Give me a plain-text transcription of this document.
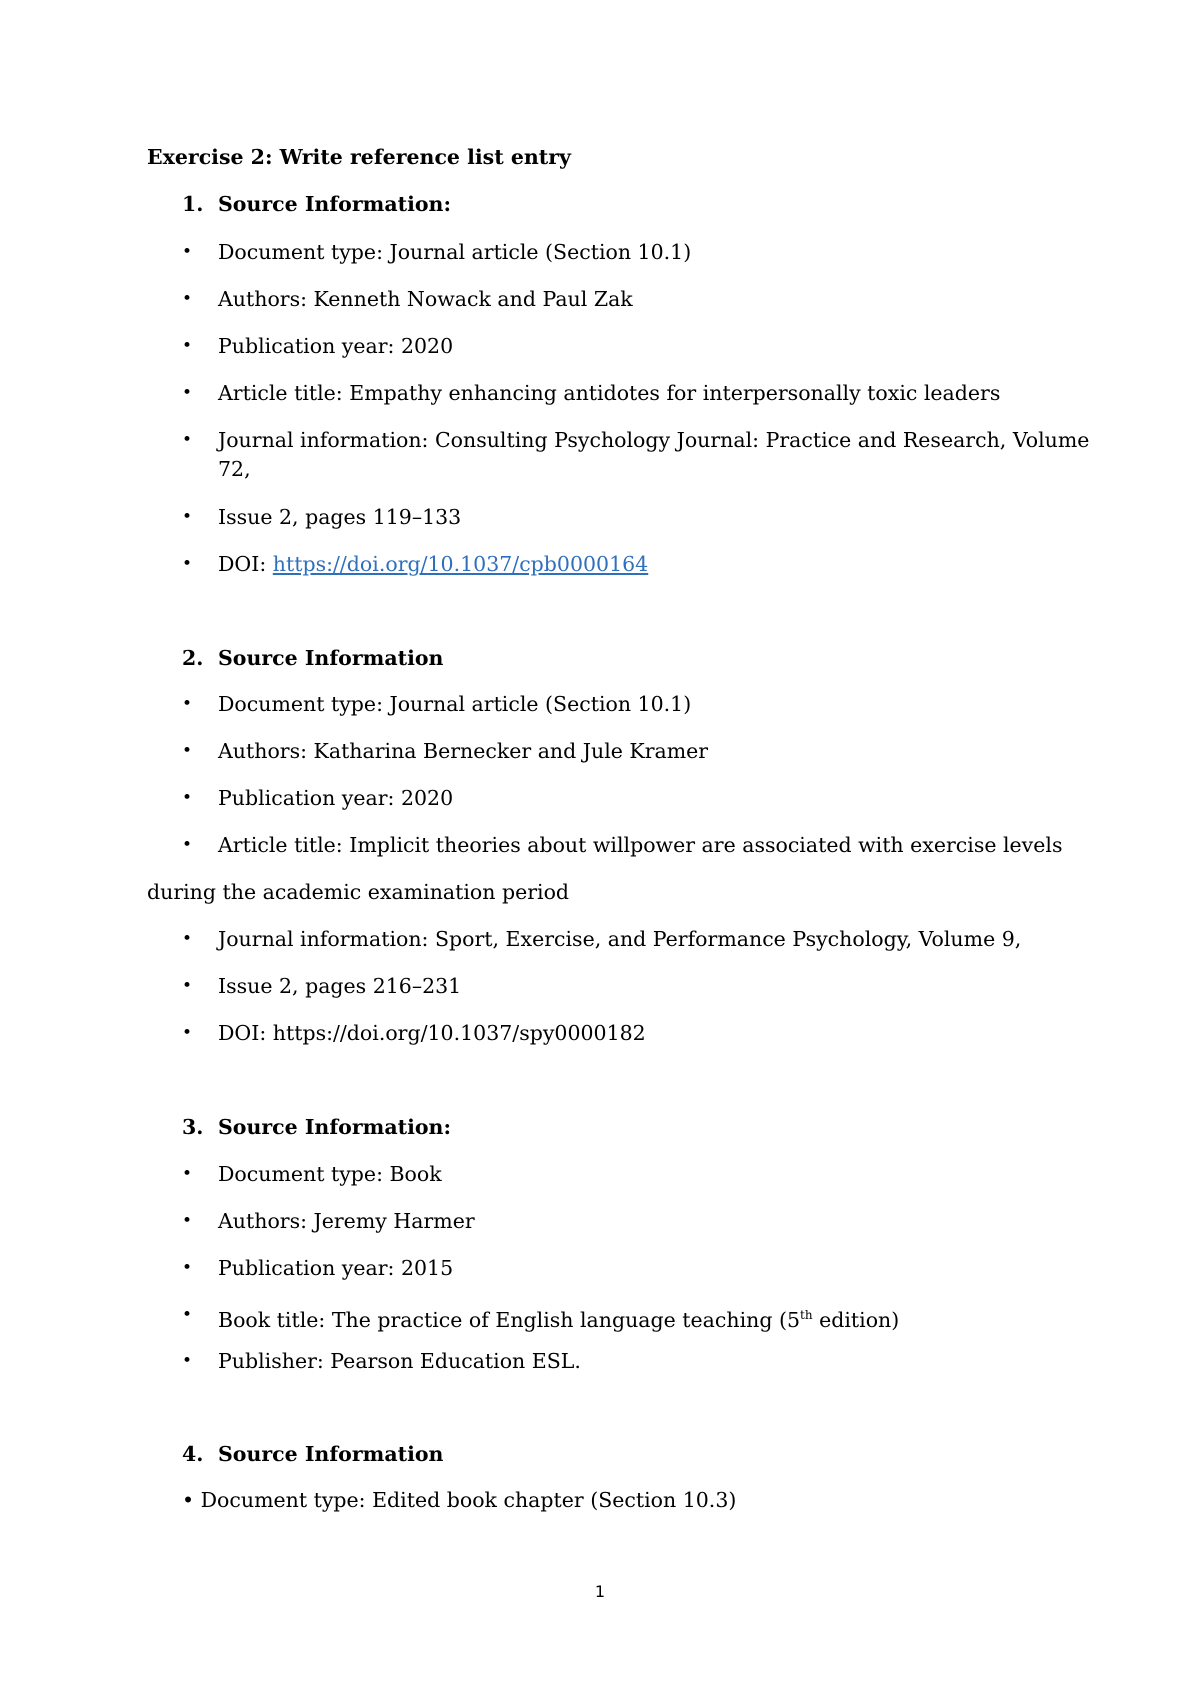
Exercise 2: Write reference list entry
1. Source Information:
• Document type: Journal article (Section 10.1)
• Authors: Kenneth Nowack and Paul Zak
• Publication year: 2020
• Article title: Empathy enhancing antidotes for interpersonally toxic leaders
• Journal information: Consulting Psychology Journal: Practice and Research, Volume
72,
• Issue 2, pages 119–133
• DOI: https://doi.org/10.1037/cpb0000164
2. Source Information
• Document type: Journal article (Section 10.1)
• Authors: Katharina Bernecker and Jule Kramer
• Publication year: 2020
• Article title: Implicit theories about willpower are associated with exercise levels
during the academic examination period
• Journal information: Sport, Exercise, and Performance Psychology, Volume 9,
• Issue 2, pages 216–231
• DOI: https://doi.org/10.1037/spy0000182
3. Source Information:
• Document type: Book
• Authors: Jeremy Harmer
• Publication year: 2015
• Book title: The practice of English language teaching (5th edition)
• Publisher: Pearson Education ESL.
4. Source Information
• Document type: Edited book chapter (Section 10.3)
1
